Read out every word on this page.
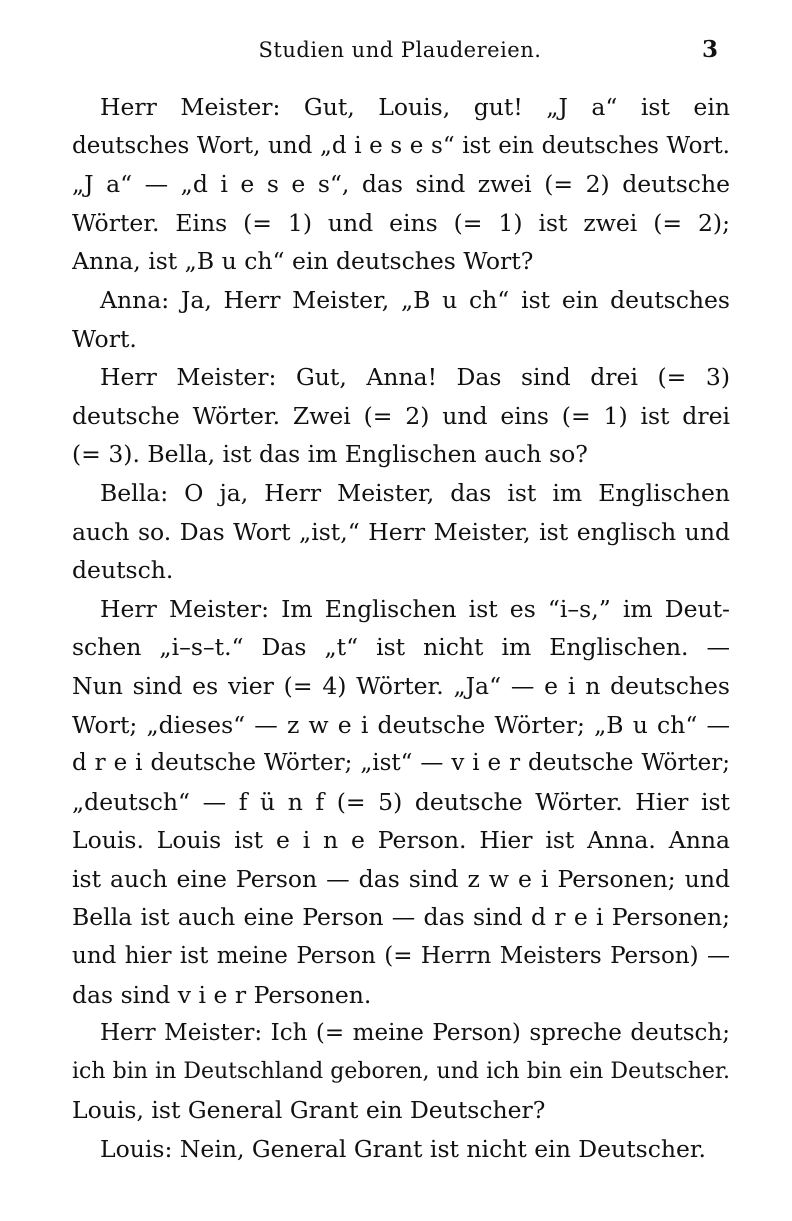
Studien und Plaudereien.	3
Herr Meister: Gut, Louis, gut! „J a“ ist ein
deutsches Wort, und „d i e s e s“ ist ein deutsches Wort.
„J a“ — „d i e s e s“, das sind zwei (= 2) deutsche
Wörter. Eins (= 1) und eins (= 1) ist zwei (= 2);
Anna, ist „B u ch“ ein deutsches Wort?
Anna: Ja, Herr Meister, „B u ch“ ist ein deutsches
Wort.
Herr Meister: Gut, Anna! Das sind drei (= 3)
deutsche Wörter. Zwei (= 2) und eins (= 1) ist drei
(= 3). Bella, ist das im Englischen auch so?
Bella: O ja, Herr Meister, das ist im Englischen
auch so. Das Wort „ist,“ Herr Meister, ist englisch und
deutsch.
Herr Meister: Im Englischen ist es “i–s,” im Deut-
schen „i–s–t.“ Das „t“ ist nicht im Englischen. —
Nun sind es vier (= 4) Wörter. „Ja“ — e i n deutsches
Wort; „dieses“ — z w e i deutsche Wörter; „B u ch“ —
d r e i deutsche Wörter; „ist“ — v i e r deutsche Wörter;
„deutsch“ — f ü n f (= 5) deutsche Wörter. Hier ist
Louis. Louis ist e i n e Person. Hier ist Anna. Anna
ist auch eine Person — das sind z w e i Personen; und
Bella ist auch eine Person — das sind d r e i Personen;
und hier ist meine Person (= Herrn Meisters Person) —
das sind v i e r Personen.
Herr Meister: Ich (= meine Person) spreche deutsch;
ich bin in Deutschland geboren, und ich bin ein Deutscher.
Louis, ist General Grant ein Deutscher?
Louis: Nein, General Grant ist nicht ein Deutscher.
